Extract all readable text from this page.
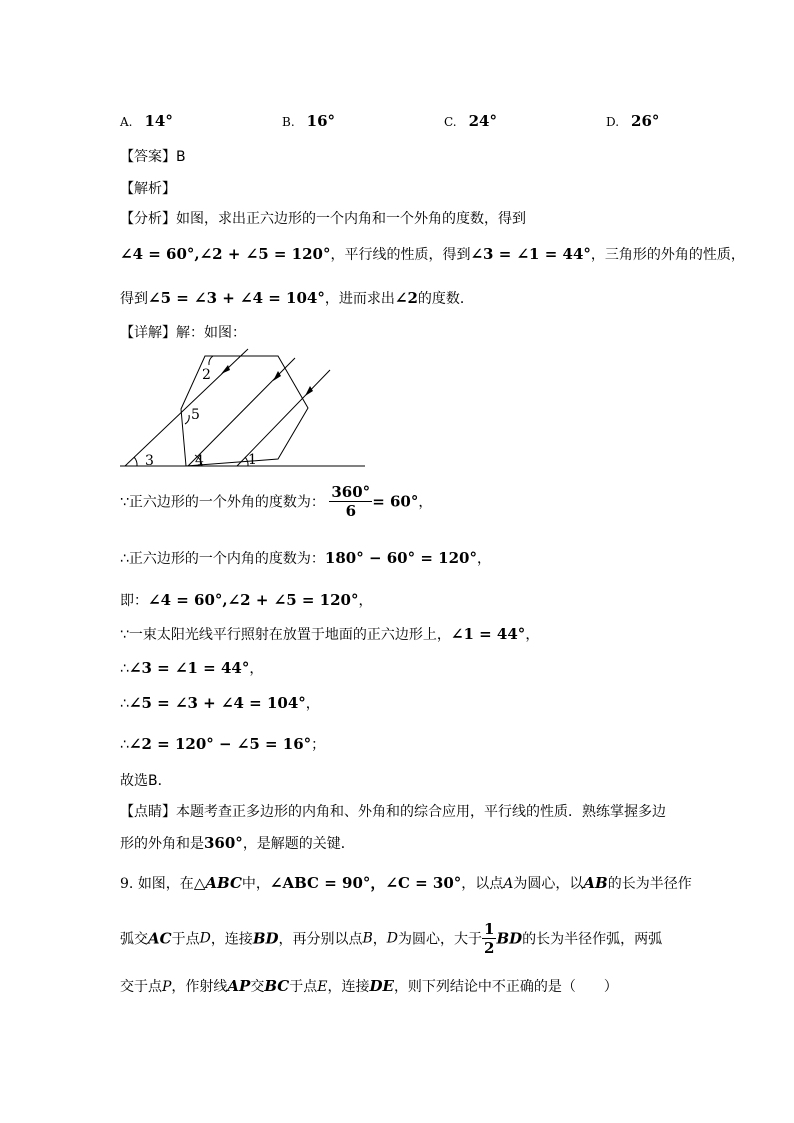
A. 14°	B. 16°	C. 24°	D. 26°
【答案】B
【解析】
【分析】如图，求出正六边形的一个内角和一个外角的度数，得到
∠4 = 60°,∠2 + ∠5 = 120°，平行线的性质，得到∠3 = ∠1 = 44°，三角形的外角的性质，
得到∠5 = ∠3 + ∠4 = 104°，进而求出∠2的度数．
【详解】解：如图：
2
5
3	4	1
∵正六边形的一个外角的度数为： $\frac{360^\circ}{6} = 60^\circ$，
∴正六边形的一个内角的度数为：180° − 60° = 120°，
即：∠4 = 60°,∠2 + ∠5 = 120°，
∵一束太阳光线平行照射在放置于地面的正六边形上，∠1 = 44°，
∴∠3 = ∠1 = 44°，
∴∠5 = ∠3 + ∠4 = 104°，
∴∠2 = 120° − ∠5 = 16°；
故选B．
【点睛】本题考查正多边形的内角和、外角和的综合应用，平行线的性质．熟练掌握多边
形的外角和是360°，是解题的关键．
9. 如图，在△ABC中，∠ABC = 90°，∠C = 30°，以点A为圆心，以AB的长为半径作
弧交AC于点D，连接BD，再分别以点B，D为圆心，大于 $\frac{1}{2}$ BD的长为半径作弧，两弧
交于点P，作射线AP交BC于点E，连接DE，则下列结论中不正确的是（　　）
